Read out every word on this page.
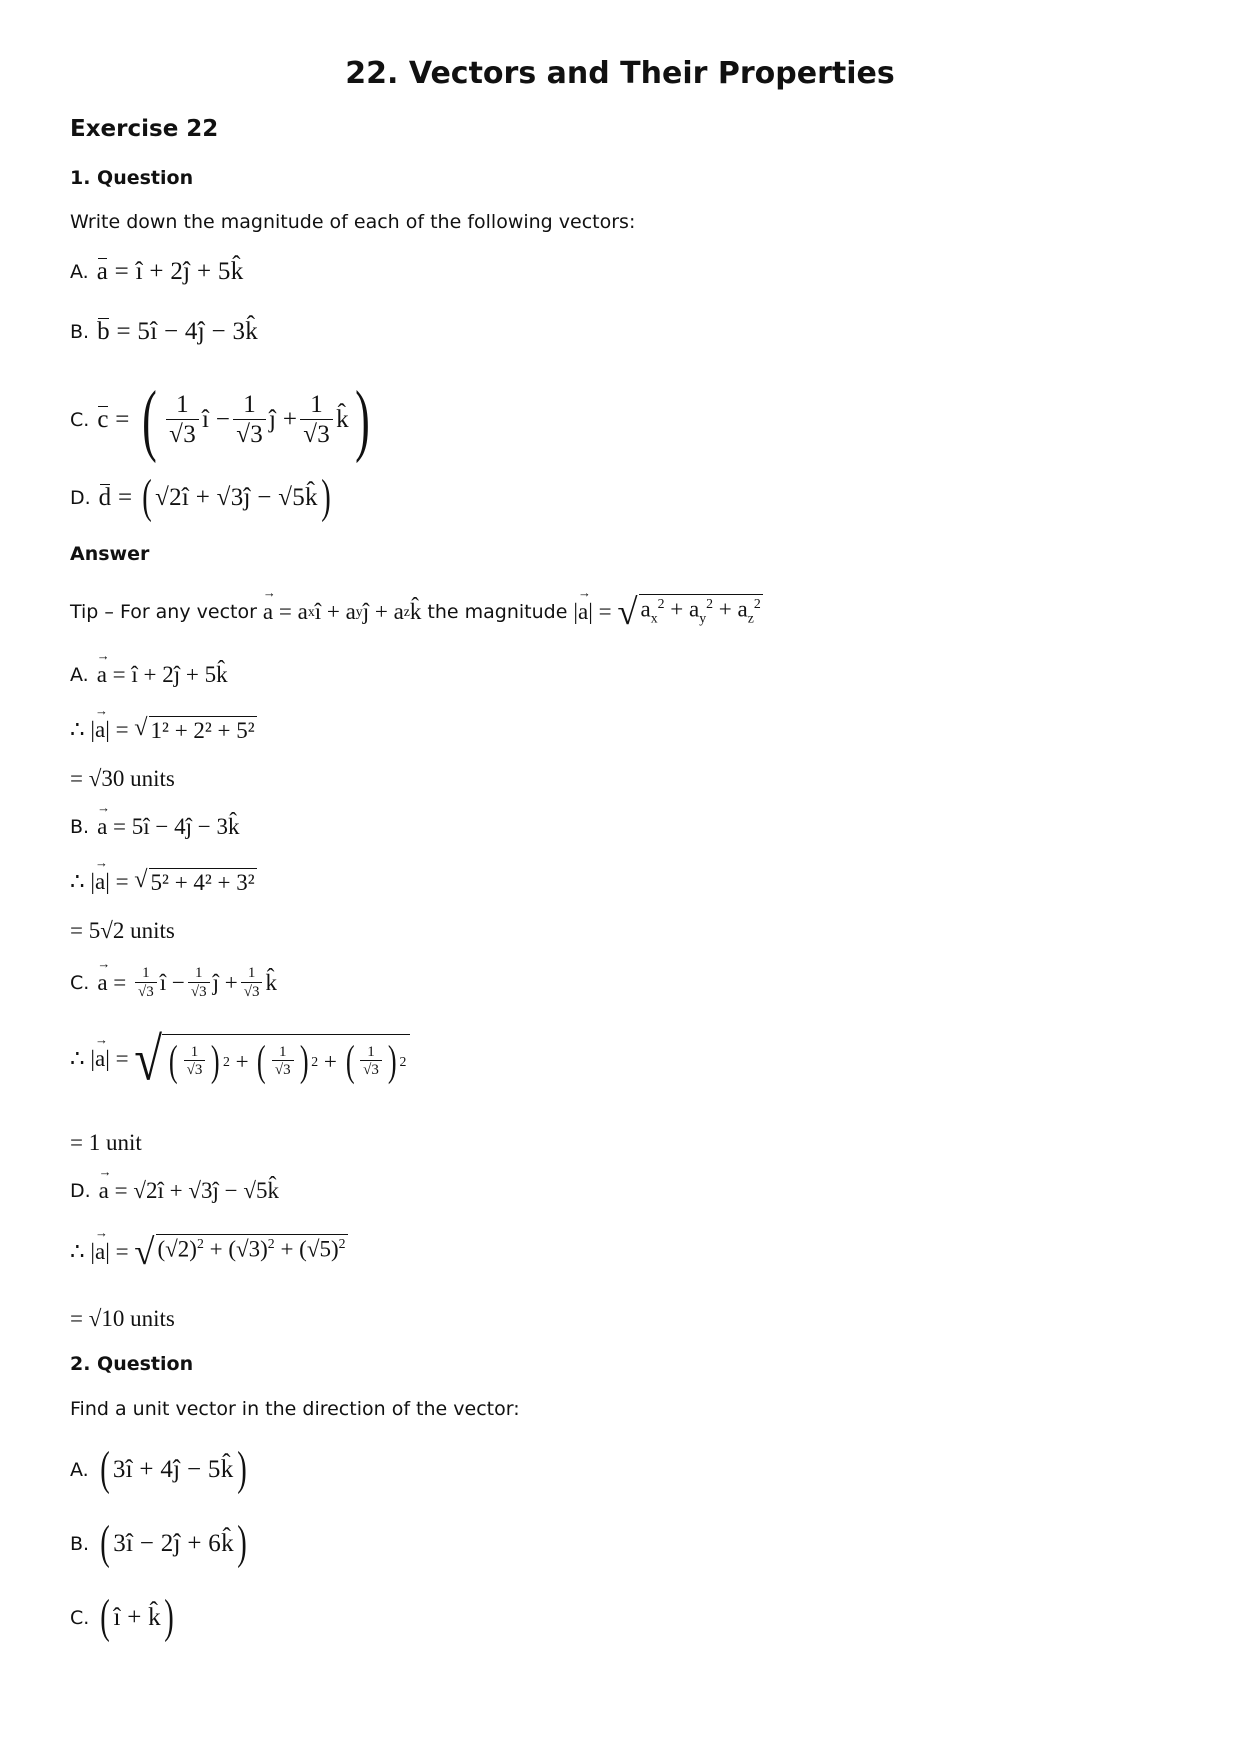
22. Vectors and Their Properties
Exercise 22
1. Question
Write down the magnitude of each of the following vectors:
A. a = î + 2ĵ + 5k̂
B. b = 5î − 4ĵ − 3k̂
C. c = ( $\frac{1}{√3}$ î − $\frac{1}{√3}$ ĵ + $\frac{1}{√3}$ k̂ )
D. d = ( √2î + √3ĵ − √5k̂ )
Answer
Tip – For any vector a → = a x î + a y ĵ + a z k̂ the magnitude | a → | = √ $a_x^2 + a_y^2 + a_z^2$
A. a → = î + 2ĵ + 5k̂
∴ | a → | = √ 1² + 2² + 5²
= √30 units
B. a → = 5î − 4ĵ − 3k̂
∴ | a → | = √ 5² + 4² + 3²
= 5√2 units
C. a → = $\frac{1}{√3}$ î − $\frac{1}{√3}$ ĵ + $\frac{1}{√3}$ k̂
∴ | a → | = √ ( $\frac{1}{√3}$ ) 2 + ( $\frac{1}{√3}$ ) 2 + ( $\frac{1}{√3}$ ) 2
= 1 unit
D. a → = √2î + √3ĵ − √5k̂
∴ | a → | = √ $(√2)^2 + (√3)^2 + (√5)^2$
= √10 units
2. Question
Find a unit vector in the direction of the vector:
A. ( 3î + 4ĵ − 5k̂ )
B. ( 3î − 2ĵ + 6k̂ )
C. ( î + k̂ )
